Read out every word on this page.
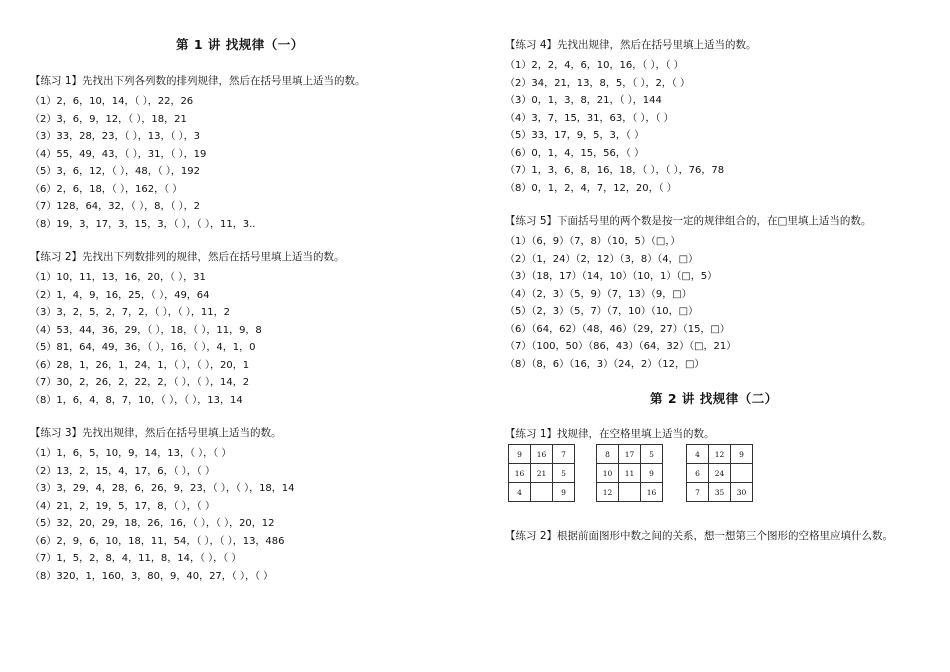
第 1 讲 找规律（一）
【练习 1】先找出下列各列数的排列规律，然后在括号里填上适当的数。
（1）2，6，10，14，（ ），22，26
（2）3，6，9，12，（ ），18，21
（3）33，28，23，（ ），13，（ ），3
（4）55，49，43，（ ），31，（ ），19
（5）3，6，12，（ ），48，（ ），192
（6）2，6，18，（ ），162，（ ）
（7）128，64，32，（ ），8，（ ），2
（8）19，3，17，3，15，3，（ ），（ ），11，3..
【练习 2】先找出下列数排列的规律，然后在括号里填上适当的数。
（1）10，11，13，16，20，（ ），31
（2）1，4，9，16，25，（ ），49，64
（3）3，2，5，2，7，2，（ ），（ ），11，2
（4）53，44，36，29，（ ），18，（ ），11，9，8
（5）81，64，49，36，（ ），16，（ ），4，1，0
（6）28，1，26，1，24，1，（ ），（ ），20，1
（7）30，2，26，2，22，2，（ ），（ ），14，2
（8）1，6，4，8，7，10，（ ），（ ），13，14
【练习 3】先找出规律，然后在括号里填上适当的数。
（1）1，6，5，10，9，14，13，（ ），（ ）
（2）13，2，15，4，17，6，（ ），（ ）
（3）3，29，4，28，6，26，9，23，（ ），（ ），18，14
（4）21，2，19，5，17，8，（ ），（ ）
（5）32，20，29，18，26，16，（ ），（ ），20，12
（6）2，9，6，10，18，11，54，（ ），（ ），13，486
（7）1，5，2，8，4，11，8，14，（ ），（ ）
（8）320，1，160，3，80，9，40，27，（ ），（ ）
【练习 4】先找出规律，然后在括号里填上适当的数。
（1）2，2，4，6，10，16，（ ），（ ）
（2）34，21，13，8，5，（ ），2，（ ）
（3）0，1，3，8，21，（ ），144
（4）3，7，15，31，63，（ ），（ ）
（5）33，17，9，5，3，（ ）
（6）0，1，4，15，56，（ ）
（7）1，3，6，8，16，18，（ ），（ ），76，78
（8）0，1，2，4，7，12，20，（ ）
【练习 5】下面括号里的两个数是按一定的规律组合的，在□里填上适当的数。
（1）（6，9）（7，8）（10，5）（□，）
（2）（1，24）（2，12）（3，8）（4，□）
（3）（18，17）（14，10）（10，1）（□，5）
（4）（2，3）（5，9）（7，13）（9，□）
（5）（2，3）（5，7）（7，10）（10，□）
（6）（64，62）（48，46）（29，27）（15，□）
（7）（100，50）（86，43）（64，32）（□，21）
（8）（8，6）（16，3）（24，2）（12，□）
第 2 讲 找规律（二）
【练习 1】找规律，在空格里填上适当的数。
9	16	7
16	21	5
4		9
8	17	5
10	11	9
12		16
4	12	9
6	24	
7	35	30
【练习 2】根据前面图形中数之间的关系，想一想第三个图形的空格里应填什么数。
